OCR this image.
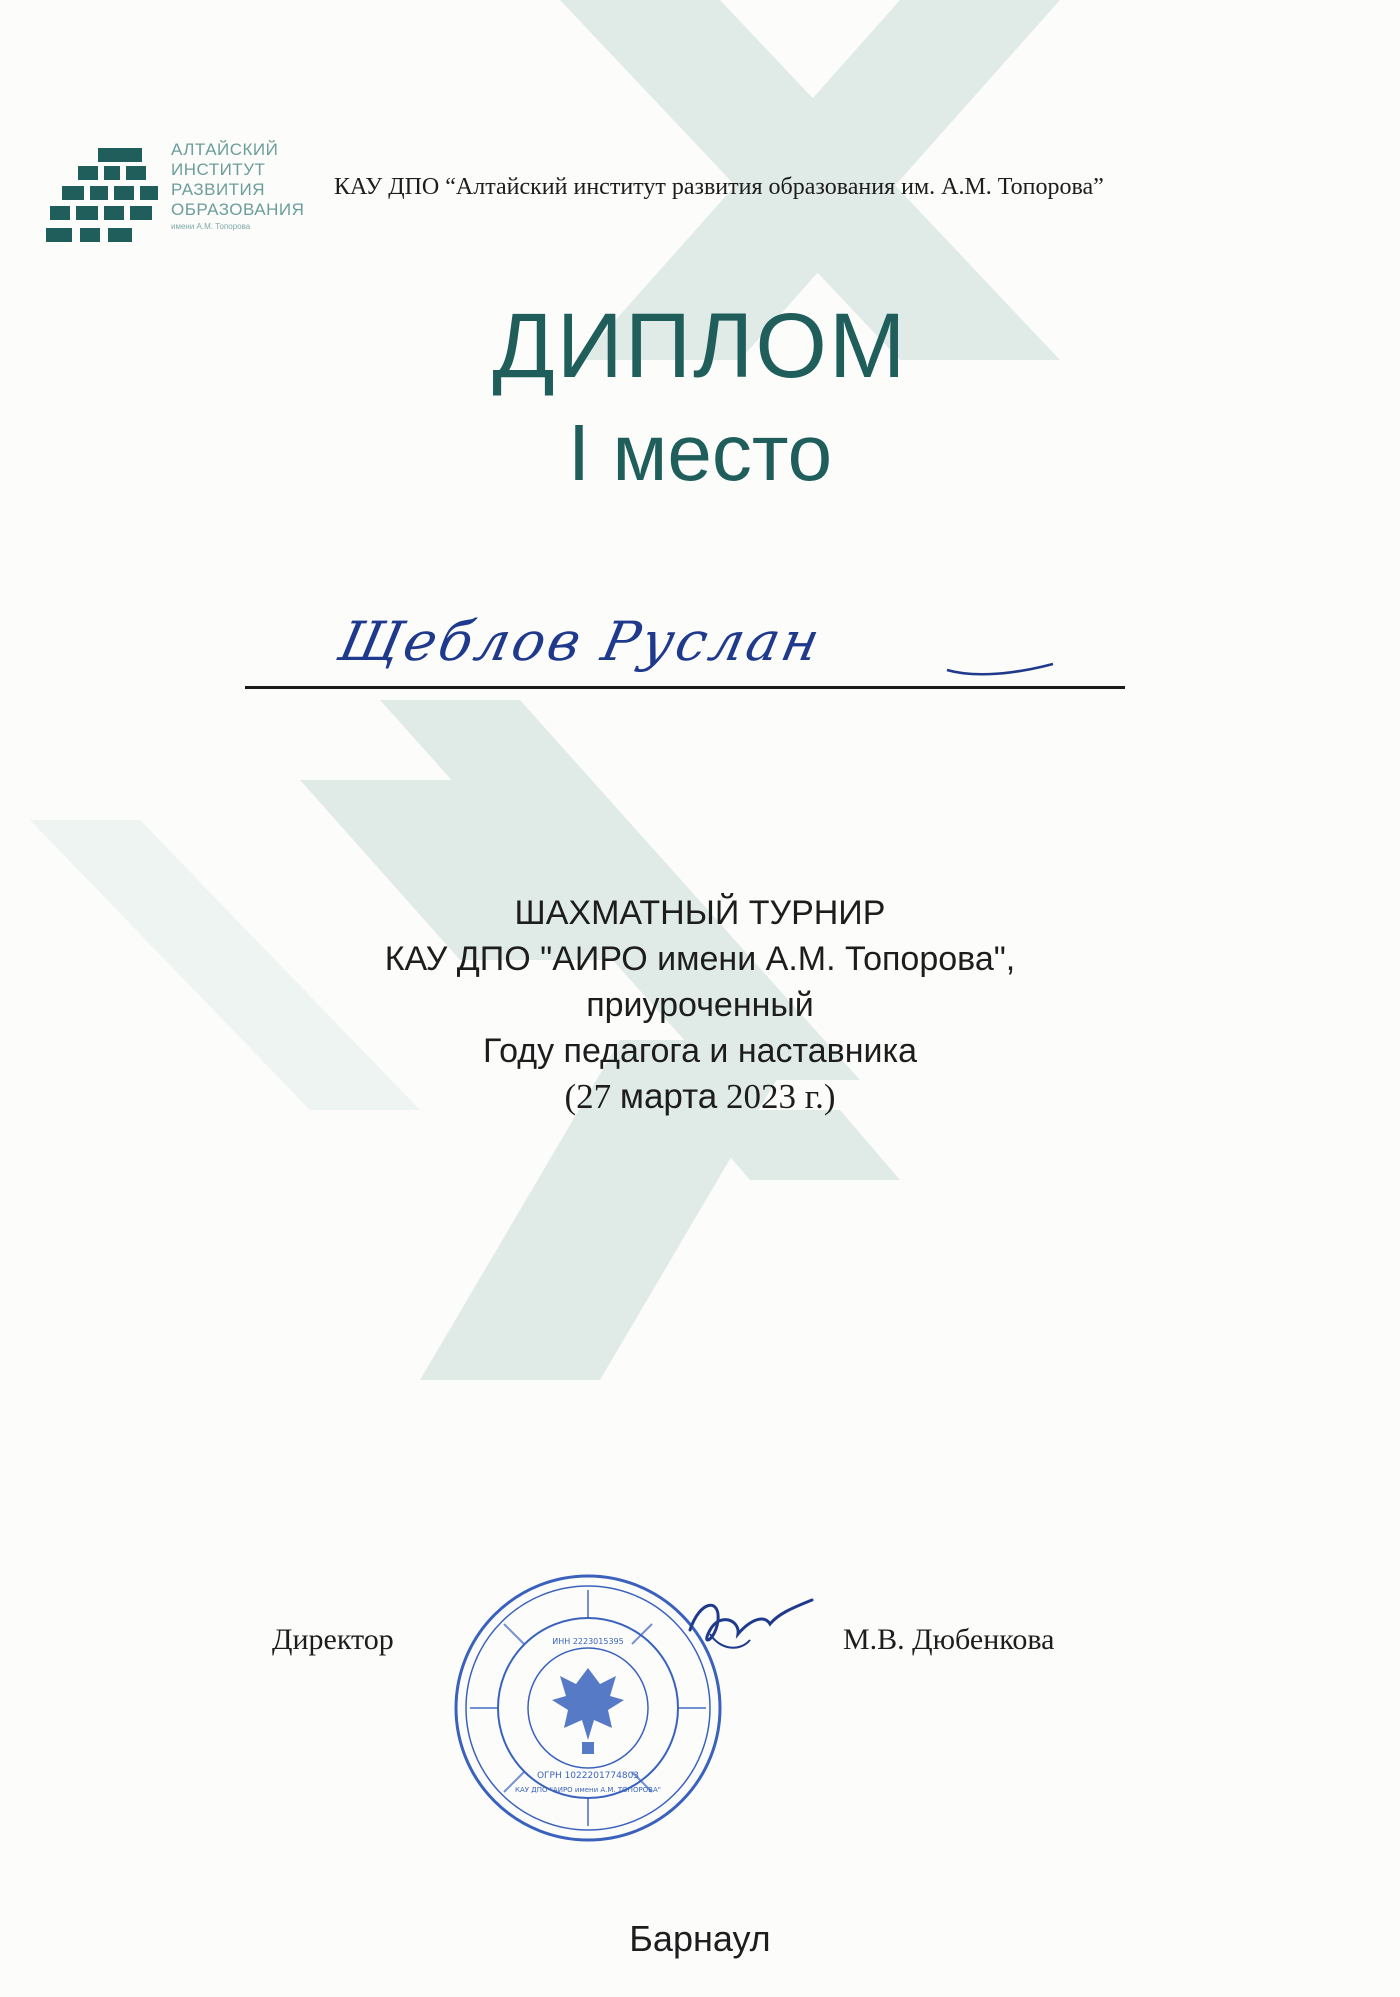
АЛТАЙСКИЙ
ИНСТИТУТ
РАЗВИТИЯ
ОБРАЗОВАНИЯ
имени А.М. Топорова
КАУ ДПО “Алтайский институт развития образования им. А.М. Топорова”
ДИПЛОМ
I место
Щеблов Руслан
ШАХМАТНЫЙ ТУРНИР
КАУ ДПО "АИРО имени А.М. Топорова",
приуроченный
Году педагога и наставника
(27 марта 2023 г.)
Директор	М.В. Дюбенкова
ОГРН 1022201774803
ИНН 2223015395
КАУ ДПО "АИРО имени А.М. ТОПОРОВА"
Барнаул
